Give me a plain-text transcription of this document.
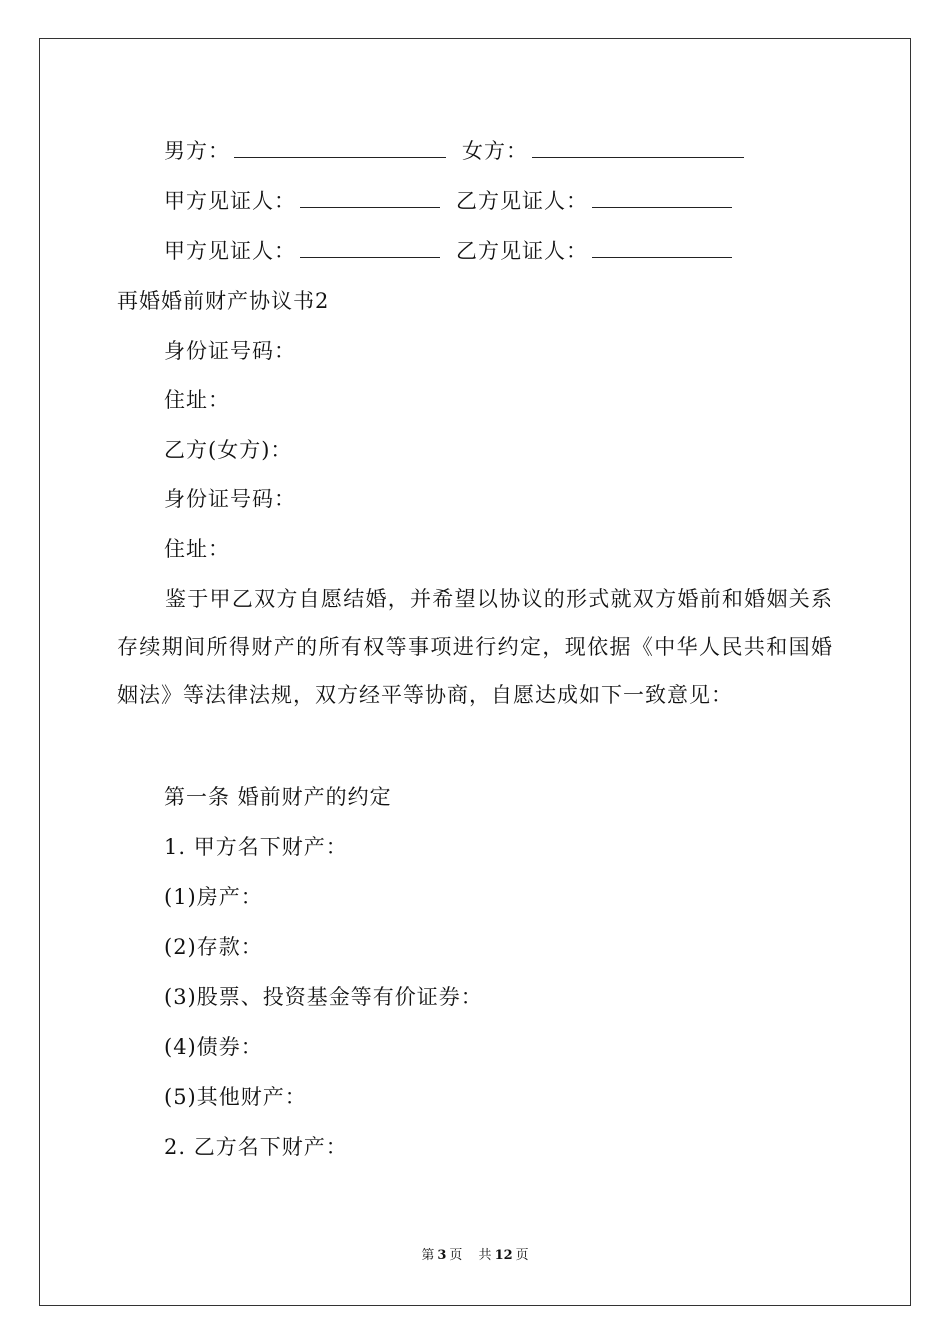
男方：	女方：
甲方见证人：	乙方见证人：
甲方见证人：	乙方见证人：
再婚婚前财产协议书2
身份证号码：
住址：
乙方(女方)：
身份证号码：
住址：
鉴于甲乙双方自愿结婚，并希望以协议的形式就双方婚前和婚姻关系存续期间所得财产的所有权等事项进行约定，现依据《中华人民共和国婚姻法》等法律法规，双方经平等协商，自愿达成如下一致意见：
第一条 婚前财产的约定
1. 甲方名下财产：
(1)房产：
(2)存款：
(3)股票、投资基金等有价证券：
(4)债券：
(5)其他财产：
2. 乙方名下财产：
第 3 页 共 12 页
